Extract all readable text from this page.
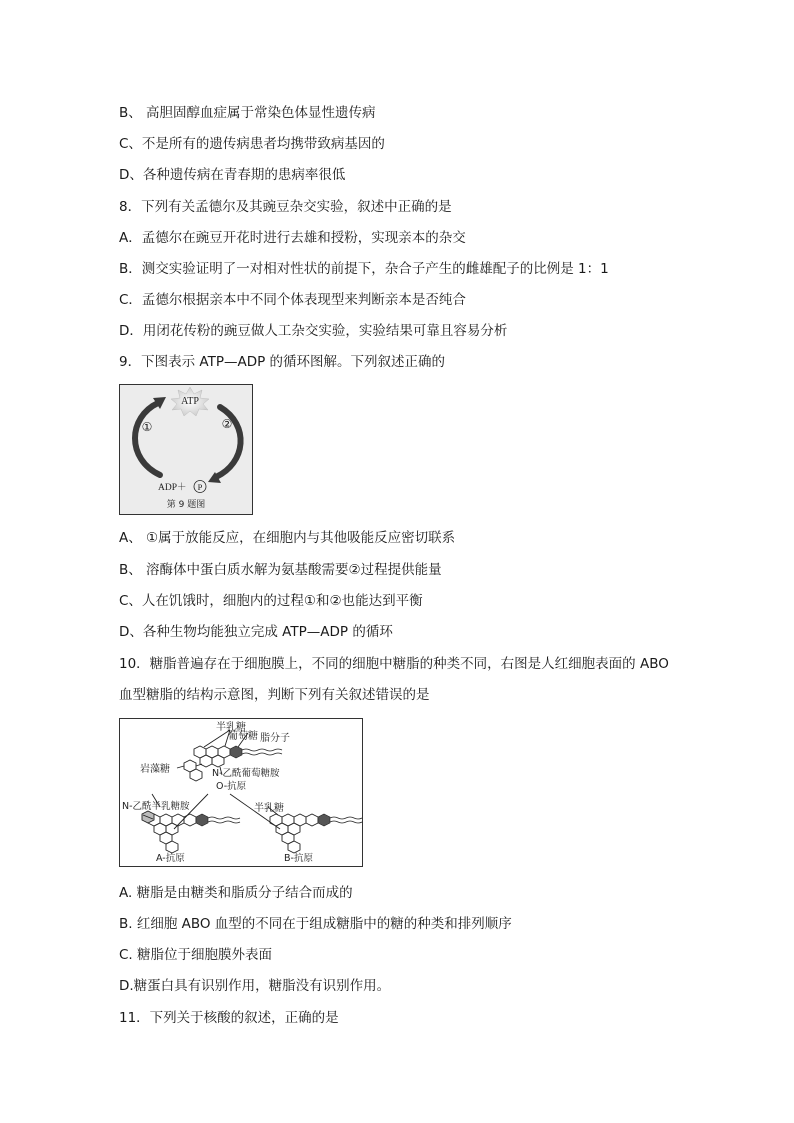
B、 高胆固醇血症属于常染色体显性遗传病
C、不是所有的遗传病患者均携带致病基因的
D、各种遗传病在青春期的患病率很低
8．下列有关孟德尔及其豌豆杂交实验，叙述中正确的是
A．孟德尔在豌豆开花时进行去雄和授粉，实现亲本的杂交
B．测交实验证明了一对相对性状的前提下，杂合子产生的雌雄配子的比例是 1：1
C．孟德尔根据亲本中不同个体表现型来判断亲本是否纯合
D．用闭花传粉的豌豆做人工杂交实验，实验结果可靠且容易分析
9．下图表示 ATP—ADP 的循环图解。下列叙述正确的
ATP
①	②
ADP＋ P
第 9 题图
A、 ①属于放能反应，在细胞内与其他吸能反应密切联系
B、 溶酶体中蛋白质水解为氨基酸需要②过程提供能量
C、人在饥饿时，细胞内的过程①和②也能达到平衡
D、各种生物均能独立完成 ATP—ADP 的循环
10．糖脂普遍存在于细胞膜上，不同的细胞中糖脂的种类不同，右图是人红细胞表面的 ABO
血型糖脂的结构示意图，判断下列有关叙述错误的是
半乳糖
葡萄糖 脂分子
岩藻糖	N-乙酰葡萄糖胺
O-抗原
N-乙酰半乳糖胺	半乳糖
A-抗原	B-抗原
A. 糖脂是由糖类和脂质分子结合而成的
B. 红细胞 ABO 血型的不同在于组成糖脂中的糖的种类和排列顺序
C. 糖脂位于细胞膜外表面
D.糖蛋白具有识别作用，糖脂没有识别作用。
11．下列关于核酸的叙述，正确的是
